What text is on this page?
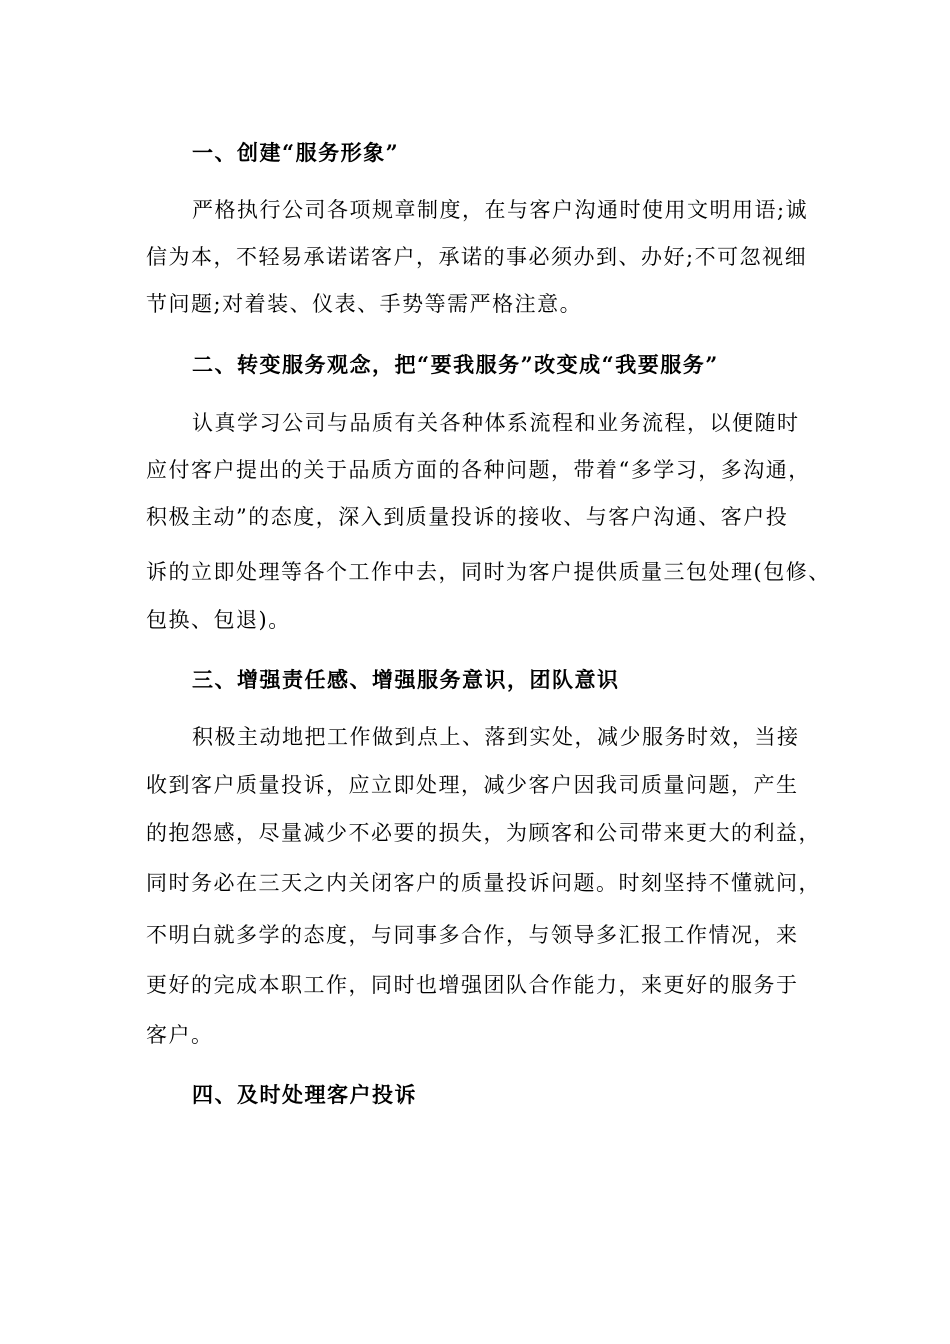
一、创建“服务形象”
严格执行公司各项规章制度，在与客户沟通时使用文明用语;诚
信为本，不轻易承诺诺客户，承诺的事必须办到、办好;不可忽视细
节问题;对着装、仪表、手势等需严格注意。
二、转变服务观念，把“要我服务”改变成“我要服务”
认真学习公司与品质有关各种体系流程和业务流程，以便随时
应付客户提出的关于品质方面的各种问题，带着“多学习，多沟通，
积极主动”的态度，深入到质量投诉的接收、与客户沟通、客户投
诉的立即处理等各个工作中去，同时为客户提供质量三包处理(包修、
包换、包退)。
三、增强责任感、增强服务意识，团队意识
积极主动地把工作做到点上、落到实处，减少服务时效，当接
收到客户质量投诉，应立即处理，减少客户因我司质量问题，产生
的抱怨感，尽量减少不必要的损失，为顾客和公司带来更大的利益，
同时务必在三天之内关闭客户的质量投诉问题。时刻坚持不懂就问，
不明白就多学的态度，与同事多合作，与领导多汇报工作情况，来
更好的完成本职工作，同时也增强团队合作能力，来更好的服务于
客户。
四、及时处理客户投诉
